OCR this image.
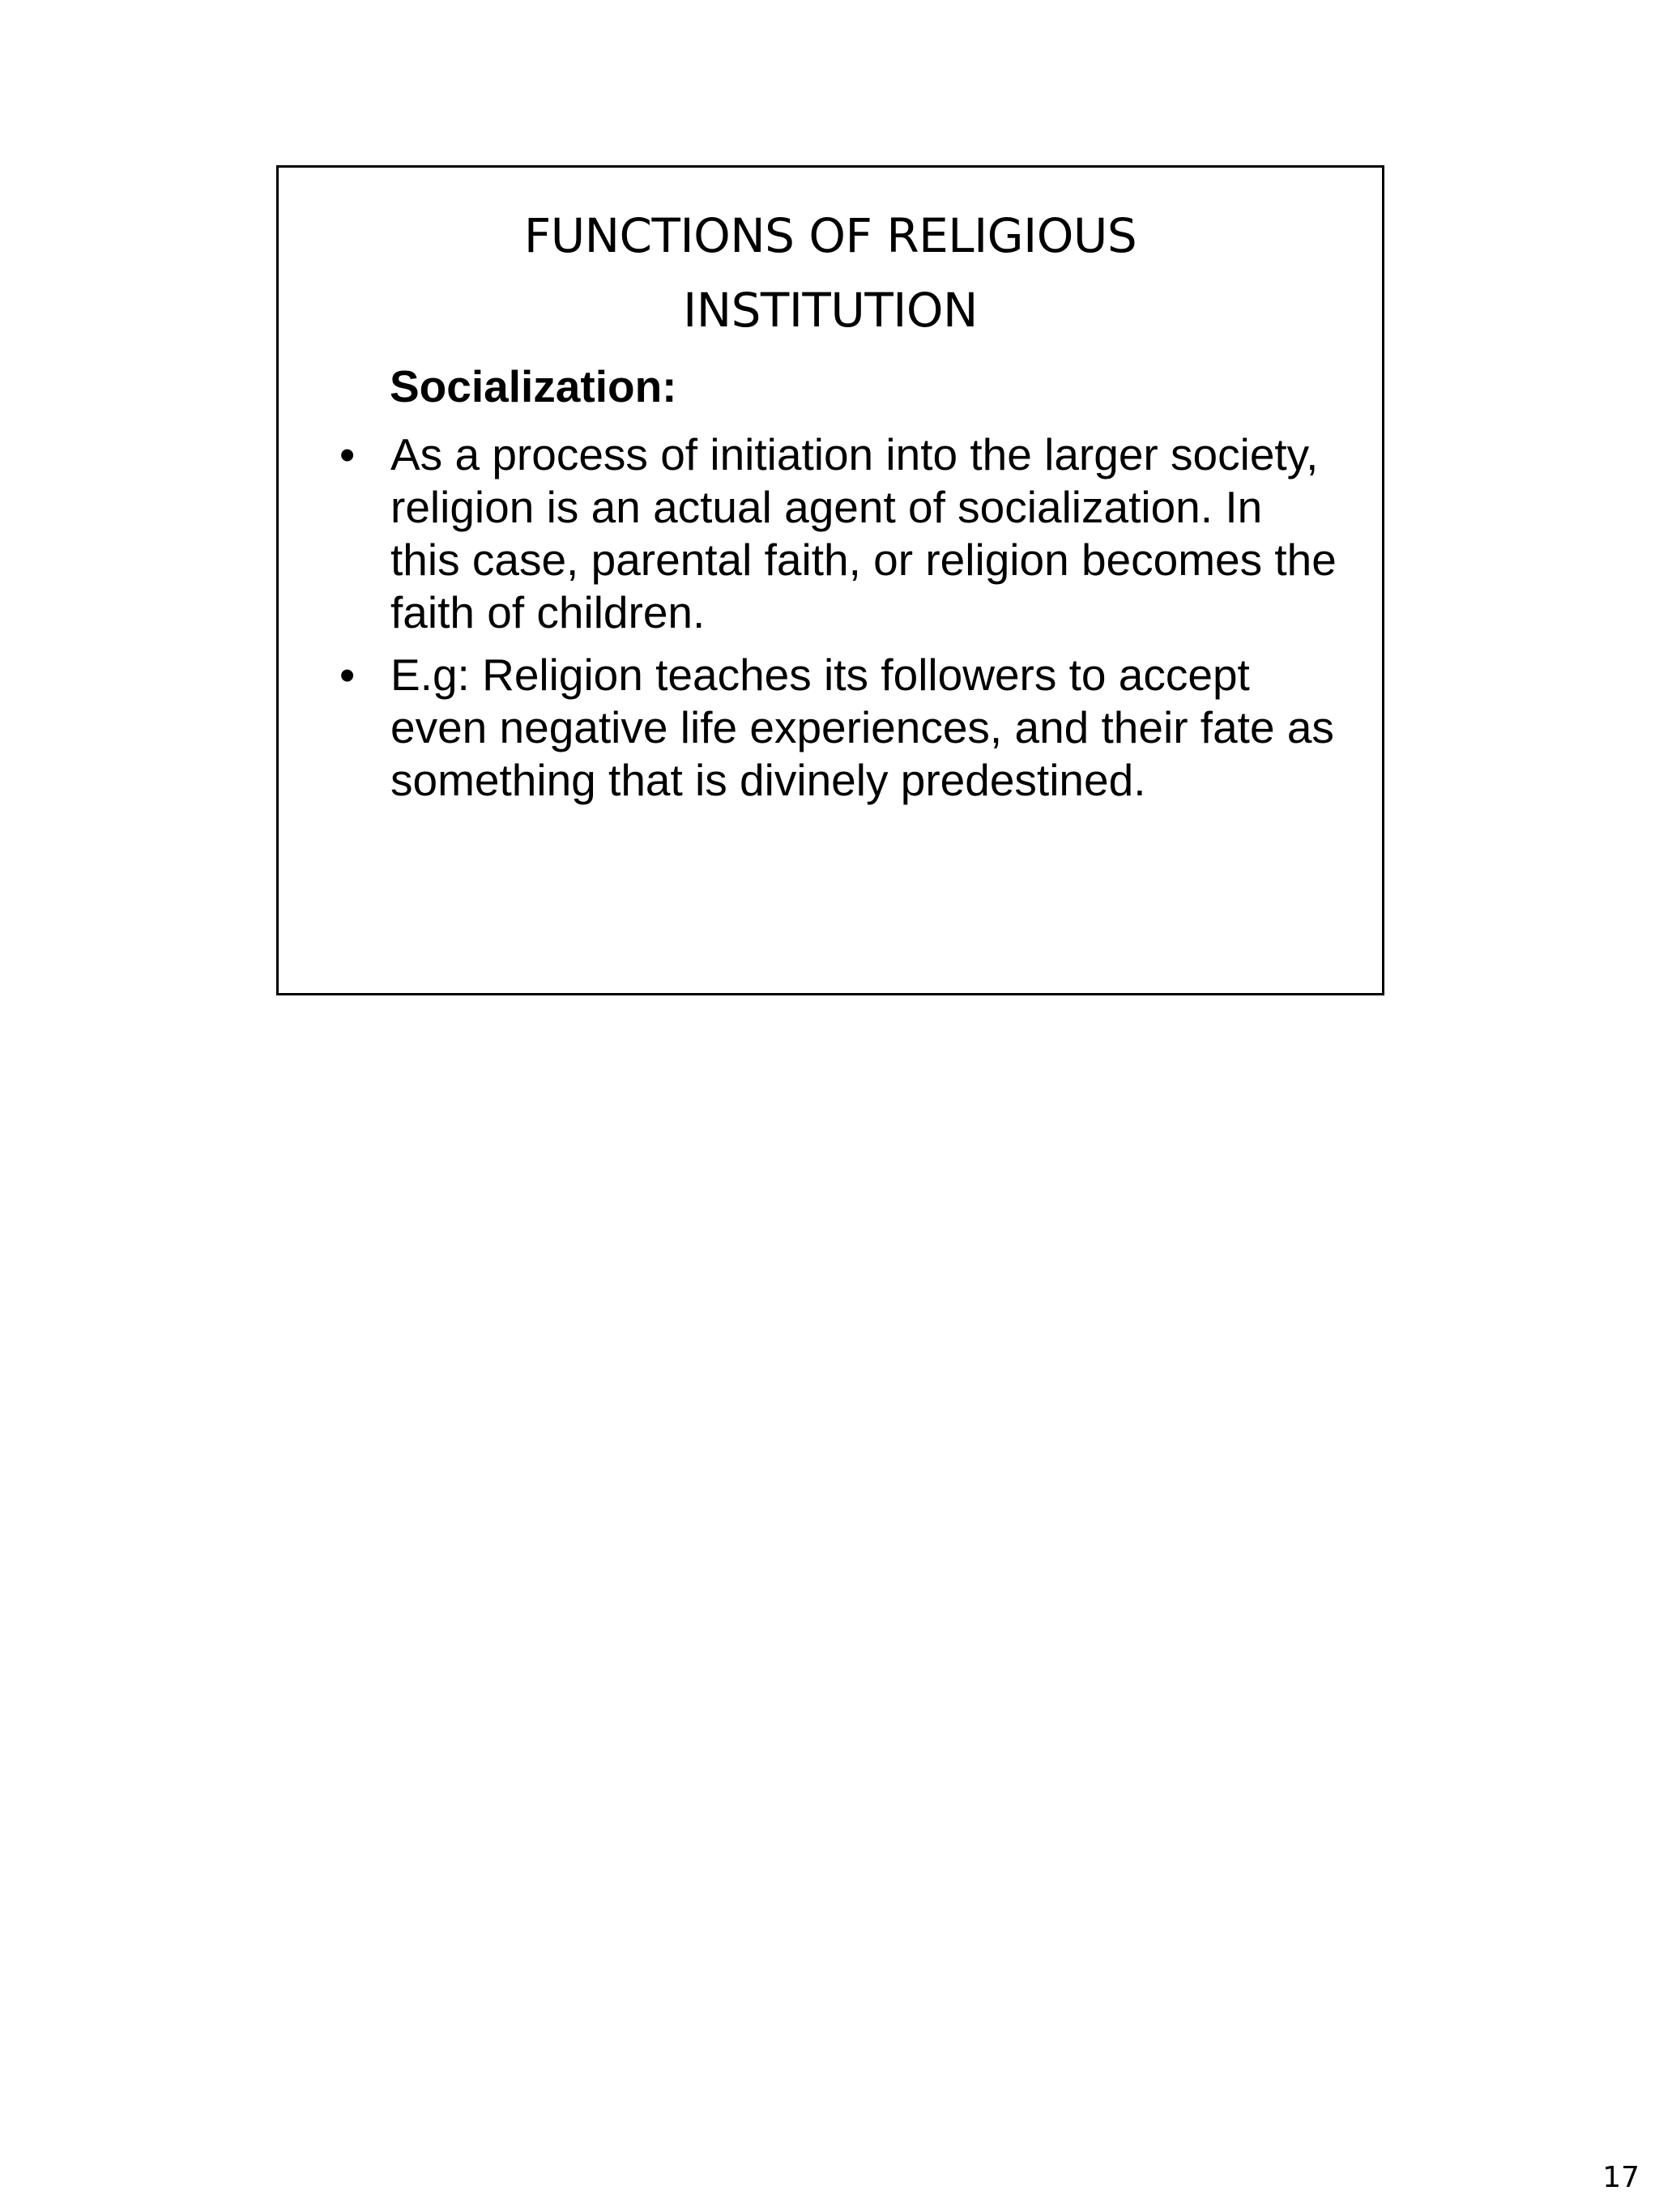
FUNCTIONS OF RELIGIOUS
INSTITUTION
Socialization:
• As a process of initiation into the larger society, religion is an actual agent of socialization. In this case, parental faith, or religion becomes the faith of children.
• E.g: Religion teaches its followers to accept even negative life experiences, and their fate as something that is divinely predestined.
17
